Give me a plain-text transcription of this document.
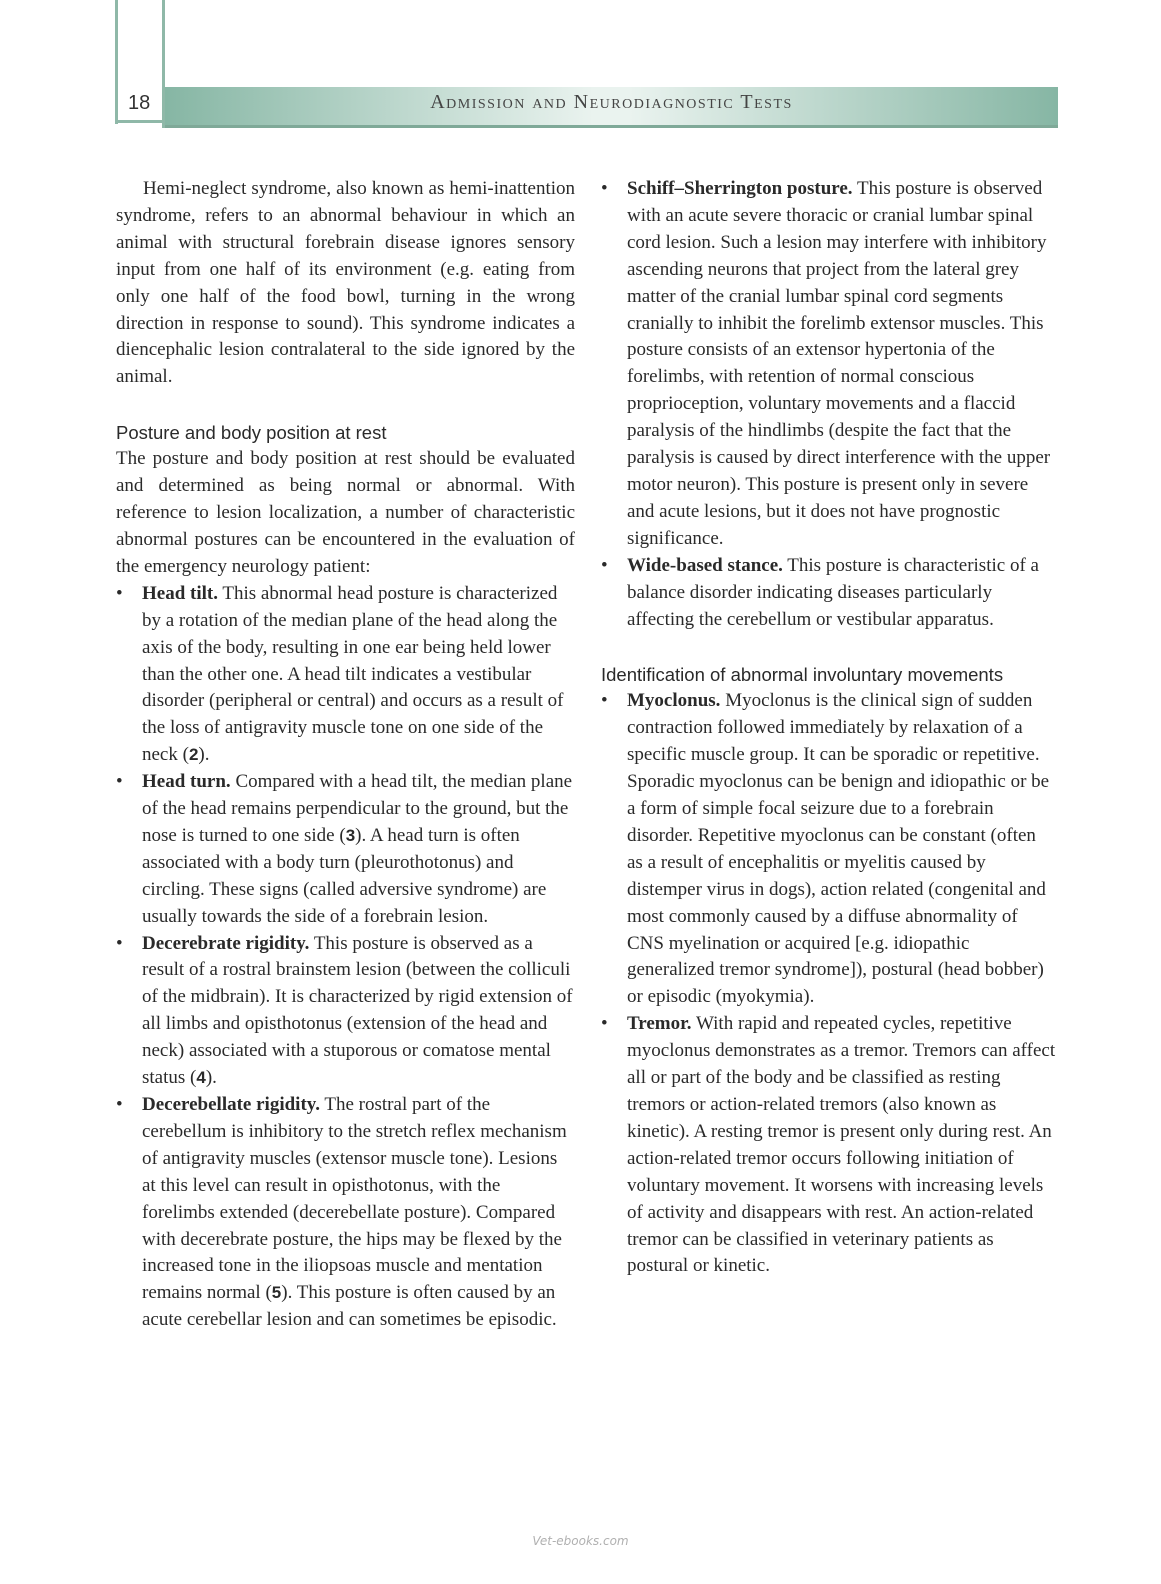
18	Admission and Neurodiagnostic Tests

Hemi-neglect syndrome, also known as hemi-inattention syndrome, refers to an abnormal behaviour in which an animal with structural forebrain disease ignores sensory input from one half of its environment (e.g. eating from only one half of the food bowl, turning in the wrong direction in response to sound). This syndrome indicates a diencephalic lesion contralateral to the side ignored by the animal.

Posture and body position at rest

The posture and body position at rest should be evaluated and determined as being normal or abnormal. With reference to lesion localization, a number of characteristic abnormal postures can be encountered in the evaluation of the emergency neurology patient:

• Head tilt. This abnormal head posture is characterized by a rotation of the median plane of the head along the axis of the body, resulting in one ear being held lower than the other one. A head tilt indicates a vestibular disorder (peripheral or central) and occurs as a result of the loss of antigravity muscle tone on one side of the neck (2).
• Head turn. Compared with a head tilt, the median plane of the head remains perpendicular to the ground, but the nose is turned to one side (3). A head turn is often associated with a body turn (pleurothotonus) and circling. These signs (called adversive syndrome) are usually towards the side of a forebrain lesion.
• Decerebrate rigidity. This posture is observed as a result of a rostral brainstem lesion (between the colliculi of the midbrain). It is characterized by rigid extension of all limbs and opisthotonus (extension of the head and neck) associated with a stuporous or comatose mental status (4).
• Decerebellate rigidity. The rostral part of the cerebellum is inhibitory to the stretch reflex mechanism of antigravity muscles (extensor muscle tone). Lesions at this level can result in opisthotonus, with the forelimbs extended (decerebellate posture). Compared with decerebrate posture, the hips may be flexed by the increased tone in the iliopsoas muscle and mentation remains normal (5). This posture is often caused by an acute cerebellar lesion and can sometimes be episodic.
• Schiff–Sherrington posture. This posture is observed with an acute severe thoracic or cranial lumbar spinal cord lesion. Such a lesion may interfere with inhibitory ascending neurons that project from the lateral grey matter of the cranial lumbar spinal cord segments cranially to inhibit the forelimb extensor muscles. This posture consists of an extensor hypertonia of the forelimbs, with retention of normal conscious proprioception, voluntary movements and a flaccid paralysis of the hindlimbs (despite the fact that the paralysis is caused by direct interference with the upper motor neuron). This posture is present only in severe and acute lesions, but it does not have prognostic significance.
• Wide-based stance. This posture is characteristic of a balance disorder indicating diseases particularly affecting the cerebellum or vestibular apparatus.
Identification of abnormal involuntary movements
• Myoclonus. Myoclonus is the clinical sign of sudden contraction followed immediately by relaxation of a specific muscle group. It can be sporadic or repetitive. Sporadic myoclonus can be benign and idiopathic or be a form of simple focal seizure due to a forebrain disorder. Repetitive myoclonus can be constant (often as a result of encephalitis or myelitis caused by distemper virus in dogs), action related (congenital and most commonly caused by a diffuse abnormality of CNS myelination or acquired [e.g. idiopathic generalized tremor syndrome]), postural (head bobber) or episodic (myokymia).
• Tremor. With rapid and repeated cycles, repetitive myoclonus demonstrates as a tremor. Tremors can affect all or part of the body and be classified as resting tremors or action-related tremors (also known as kinetic). A resting tremor is present only during rest. An action-related tremor occurs following initiation of voluntary movement. It worsens with increasing levels of activity and disappears with rest. An action-related tremor can be classified in veterinary patients as postural or kinetic.
Vet-ebooks.com
